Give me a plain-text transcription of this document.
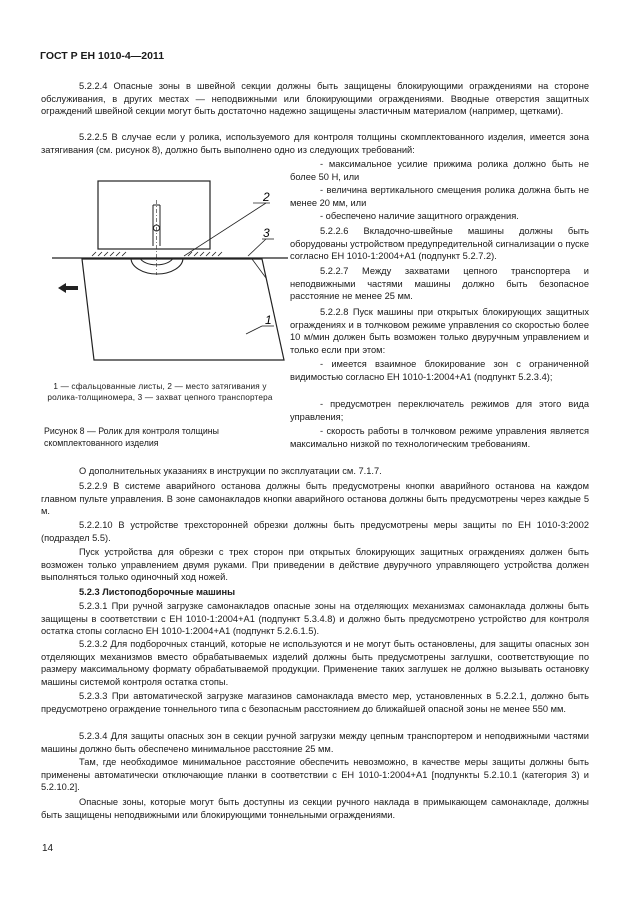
ГОСТ Р ЕН 1010-4—2011

5.2.2.4 Опасные зоны в швейной секции должны быть защищены блокирующими ограждениями на стороне обслуживания, в других местах — неподвижными или блокирующими ограждениями. Вводные отверстия защитных ограждений швейной секции могут быть достаточно надежно защищены эластичным материалом (например, щетками).

5.2.2.5 В случае если у ролика, используемого для контроля толщины скомплектованного изделия, имеется зона затягивания (см. рисунок 8), должно быть выполнено одно из следующих требований:

- максимальное усилие прижима ролика должно быть не более 50 Н, или

- величина вертикального смещения ролика должна быть не менее 20 мм, или

- обеспечено наличие защитного ограждения.

5.2.2.6 Вкладочно-швейные машины должны быть оборудованы устройством предупредительной сигнализации о пуске согласно ЕН 1010-1:2004+A1 (подпункт 5.2.7.2).

5.2.2.7 Между захватами цепного транспортера и неподвижными частями машины должно быть безопасное расстояние не менее 25 мм.

5.2.2.8 Пуск машины при открытых блокирующих защитных ограждениях и в толчковом режиме управления со скоростью более 10 м/мин должен быть возможен только двуручным управлением и только если при этом:

- имеется взаимное блокирование зон с ограниченной видимостью согласно ЕН 1010-1:2004+A1 (подпункт 5.2.3.4);

- предусмотрен переключатель режимов для этого вида управления;

- скорость работы в толчковом режиме управления является максимально низкой по технологическим требованиям.

2
3
1
1 — сфальцованные листы, 2 — место затягивания у ролика-толщиномера, 3 — захват цепного транспортера
Рисунок 8 — Ролик для контроля толщины скомплектованного изделия

О дополнительных указаниях в инструкции по эксплуатации см. 7.1.7.

5.2.2.9 В системе аварийного останова должны быть предусмотрены кнопки аварийного останова на каждом главном пульте управления. В зоне самонакладов кнопки аварийного останова должны быть предусмотрены через каждые 5 м.

5.2.2.10 В устройстве трехсторонней обрезки должны быть предусмотрены меры защиты по ЕН 1010-3:2002 (подраздел 5.5).

Пуск устройства для обрезки с трех сторон при открытых блокирующих защитных ограждениях должен быть возможен только управлением двумя руками. При приведении в действие двуручного управляющего устройства должен выполняться только одиночный ход ножей.

5.2.3 Листоподборочные машины

5.2.3.1 При ручной загрузке самонакладов опасные зоны на отделяющих механизмах самонаклада должны быть защищены в соответствии с ЕН 1010-1:2004+A1 (подпункт 5.3.4.8) и должно быть предусмотрено устройство для контроля остатка стопы согласно ЕН 1010-1:2004+A1 (подпункт 5.2.6.1.5).

5.2.3.2 Для подборочных станций, которые не используются и не могут быть остановлены, для защиты опасных зон отделяющих механизмов вместо обрабатываемых изделий должны быть предусмотрены заглушки, соответствующие по размеру максимальному формату обрабатываемой продукции. Применение таких заглушек не должно вызывать остановку машины системой контроля остатка стопы.

5.2.3.3 При автоматической загрузке магазинов самонаклада вместо мер, установленных в 5.2.2.1, должно быть предусмотрено ограждение тоннельного типа с безопасным расстоянием до ближайшей опасной зоны не менее 550 мм.

5.2.3.4 Для защиты опасных зон в секции ручной загрузки между цепным транспортером и неподвижными частями машины должно быть обеспечено минимальное расстояние 25 мм.

Там, где необходимое минимальное расстояние обеспечить невозможно, в качестве меры защиты должны быть применены автоматически отключающие планки в соответствии с ЕН 1010-1:2004+A1 [подпункты 5.2.10.1 (категория 3) и 5.2.10.2].

Опасные зоны, которые могут быть доступны из секции ручного наклада в примыкающем самонакладе, должны быть защищены неподвижными или блокирующими тоннельными ограждениями.

14
